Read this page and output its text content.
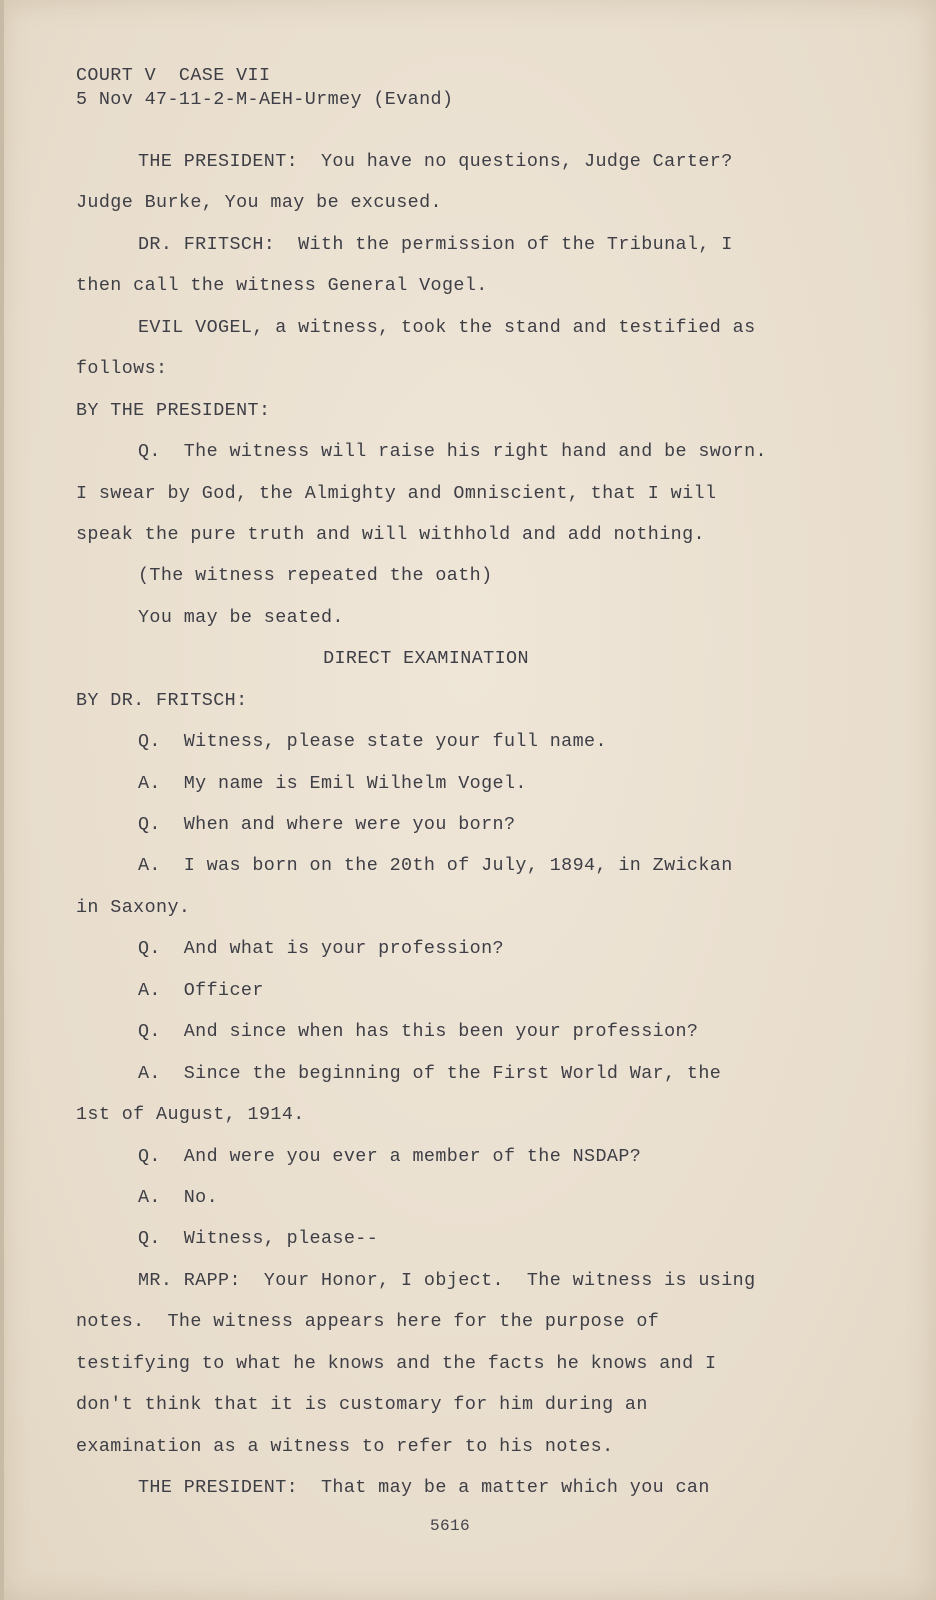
COURT V  CASE VII
5 Nov 47-11-2-M-AEH-Urmey (Evand)
THE PRESIDENT:  You have no questions, Judge Carter?
Judge Burke, You may be excused.
DR. FRITSCH:  With the permission of the Tribunal, I
then call the witness General Vogel.
EVIL VOGEL, a witness, took the stand and testified as
follows:
BY THE PRESIDENT:
Q.  The witness will raise his right hand and be sworn.
I swear by God, the Almighty and Omniscient, that I will
speak the pure truth and will withhold and add nothing.
(The witness repeated the oath)
You may be seated.
DIRECT EXAMINATION
BY DR. FRITSCH:
Q.  Witness, please state your full name.
A.  My name is Emil Wilhelm Vogel.
Q.  When and where were you born?
A.  I was born on the 20th of July, 1894, in Zwickan
in Saxony.
Q.  And what is your profession?
A.  Officer
Q.  And since when has this been your profession?
A.  Since the beginning of the First World War, the
1st of August, 1914.
Q.  And were you ever a member of the NSDAP?
A.  No.
Q.  Witness, please--
MR. RAPP:  Your Honor, I object.  The witness is using
notes.  The witness appears here for the purpose of
testifying to what he knows and the facts he knows and I
don't think that it is customary for him during an
examination as a witness to refer to his notes.
THE PRESIDENT:  That may be a matter which you can
5616
